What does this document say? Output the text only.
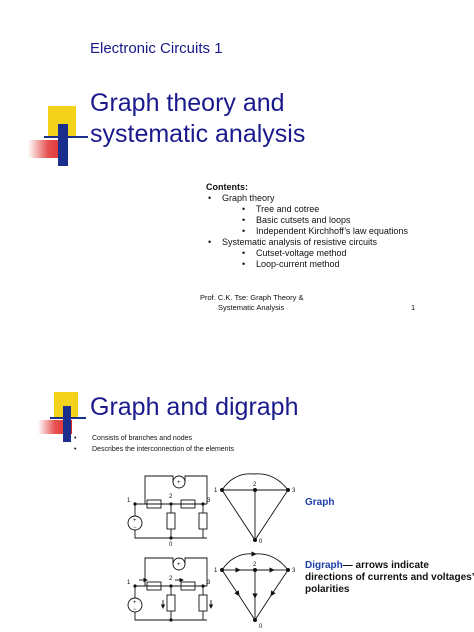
Electronic Circuits 1
Graph theory and
systematic analysis
Contents:
• Graph theory
• Tree and cotree
• Basic cutsets and loops
• Independent Kirchhoff’s law equations
• Systematic analysis of resistive circuits
• Cutset-voltage method
• Loop-current method
Prof. C.K. Tse: Graph Theory &
Systematic Analysis	1
Graph and digraph
• Consists of branches and nodes
• Describes the interconnection of the elements
+
+
−
1
2
3
0
1
2
3
0
Graph
+
+
−
1
2
3
1
2
3
0
Digraph— arrows indicate directions of currents and voltages’ polarities
